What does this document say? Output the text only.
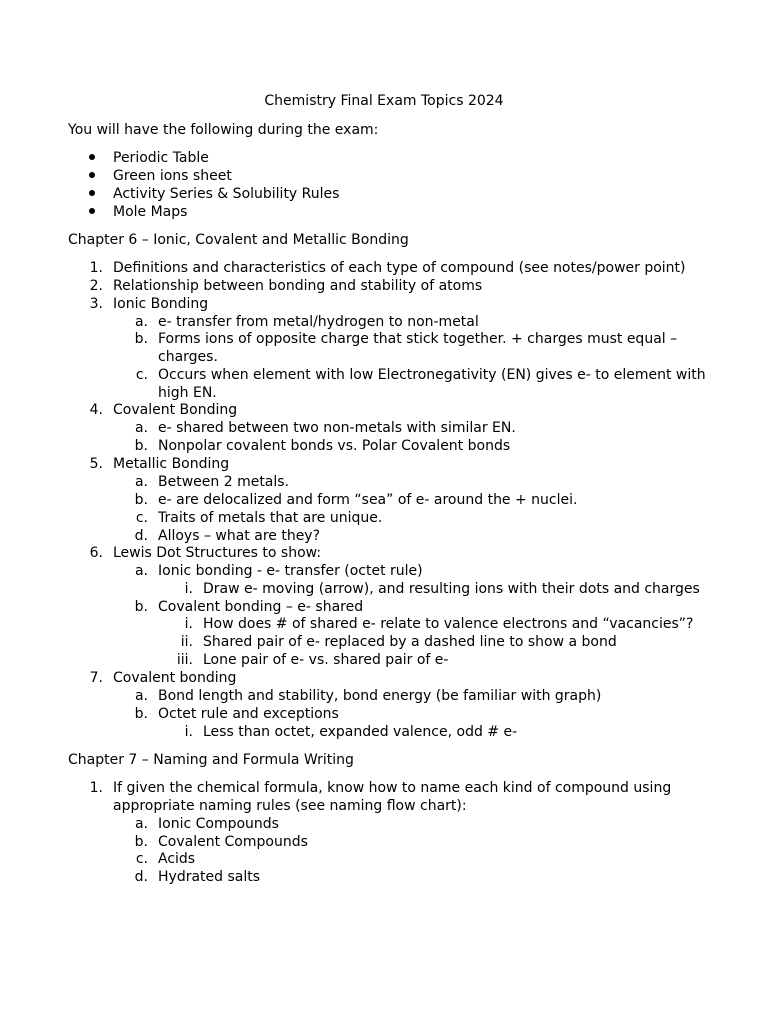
Chemistry Final Exam Topics 2024
You will have the following during the exam:
Periodic Table
Green ions sheet
Activity Series & Solubility Rules
Mole Maps
Chapter 6 – Ionic, Covalent and Metallic Bonding
1. Definitions and characteristics of each type of compound (see notes/power point)
2. Relationship between bonding and stability of atoms
3. Ionic Bonding
a. e- transfer from metal/hydrogen to non-metal
b. Forms ions of opposite charge that stick together. + charges must equal –
charges.
c. Occurs when element with low Electronegativity (EN) gives e- to element with
high EN.
4. Covalent Bonding
a. e- shared between two non-metals with similar EN.
b. Nonpolar covalent bonds vs. Polar Covalent bonds
5. Metallic Bonding
a. Between 2 metals.
b. e- are delocalized and form “sea” of e- around the + nuclei.
c. Traits of metals that are unique.
d. Alloys – what are they?
6. Lewis Dot Structures to show:
a. Ionic bonding - e- transfer (octet rule)
i. Draw e- moving (arrow), and resulting ions with their dots and charges
b. Covalent bonding – e- shared
i. How does # of shared e- relate to valence electrons and “vacancies”?
ii. Shared pair of e- replaced by a dashed line to show a bond
iii. Lone pair of e- vs. shared pair of e-
7. Covalent bonding
a. Bond length and stability, bond energy (be familiar with graph)
b. Octet rule and exceptions
i. Less than octet, expanded valence, odd # e-
Chapter 7 – Naming and Formula Writing
1. If given the chemical formula, know how to name each kind of compound using
appropriate naming rules (see naming flow chart):
a. Ionic Compounds
b. Covalent Compounds
c. Acids
d. Hydrated salts
